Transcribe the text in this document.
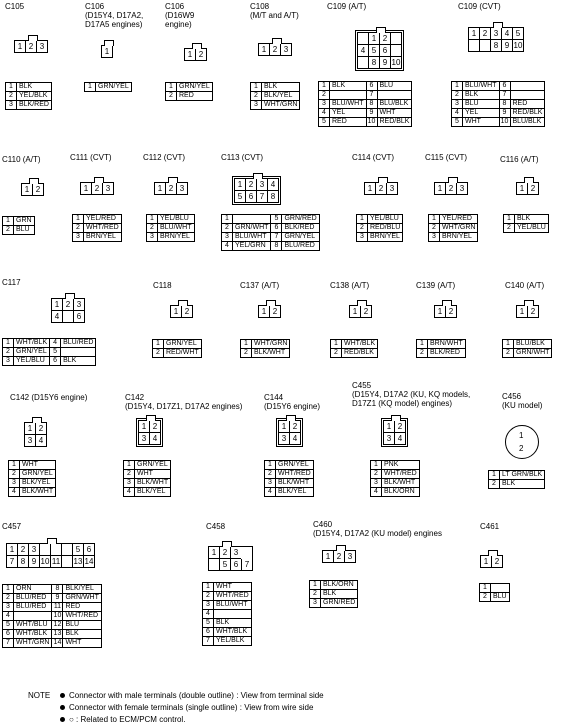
C105
1 2 3
1	BLK
2	YEL/BLK
3	BLK/RED
C106
(D15Y4, D17A2,
D17A5 engines)
1
1	GRN/YEL
C106
(D16W9
engine)
1 2
1	GRN/YEL
2	RED
C108
(M/T and A/T)
1 2 3
1	BLK
2	BLK/YEL
3	WHT/GRN
C109 (A/T)
1 2
4 5 6
8 9 10
1	BLK	6	BLU
2		7	
3	BLU/WHT	8	BLU/BLK
4	YEL	9	WHT
5	RED	10	RED/BLK
C109 (CVT)
1 2 3 4 5
8 9 10
1	BLU/WHT	6	
2	BLK	7	
3	BLU	8	RED
4	YEL	9	RED/BLK
5	WHT	10	BLU/BLK
C110 (A/T)
1 2
1	GRN
2	BLU
C111 (CVT)
1 2 3
1	YEL/RED
2	WHT/RED
3	BRN/YEL
C112 (CVT)
1 2 3
1	YEL/BLU
2	BLU/WHT
3	BRN/YEL
C113 (CVT)
1 2 3 4
5 6 7 8
1		5	GRN/RED
2	GRN/WHT	6	BLK/RED
3	BLU/WHT	7	GRN/YEL
4	YEL/GRN	8	BLU/RED
C114 (CVT)
1 2 3
1	YEL/BLU
2	RED/BLU
3	BRN/YEL
C115 (CVT)
1 2 3
1	YEL/RED
2	WHT/GRN
3	BRN/YEL
C116 (A/T)
1 2
1	BLK
2	YEL/BLU
C117
1 2 3
4	6
1	WHT/BLK	4	BLU/RED
2	GRN/YEL	5	
3	YEL/BLU	6	BLK
C118
1 2
1	GRN/YEL
2	RED/WHT
C137 (A/T)
1 2
1	WHT/GRN
2	BLK/WHT
C138 (A/T)
1 2
1	WHT/BLK
2	RED/BLK
C139 (A/T)
1 2
1	BRN/WHT
2	BLK/RED
C140 (A/T)
1 2
1	BLU/BLK
2	GRN/WHT
C142 (D15Y6 engine)
1 2
3 4
1	WHT
2	GRN/YEL
3	BLK/YEL
4	BLK/WHT
C142
(D15Y4, D17Z1, D17A2 engines)
1 2
3 4
1	GRN/YEL
2	WHT
3	BLK/WHT
4	BLK/YEL
C144
(D15Y6 engine)
1 2
3 4
1	GRN/YEL
2	WHT/RED
3	BLK/WHT
4	BLK/YEL
C455
(D15Y4, D17A2 (KU, KQ models,
D17Z1 (KQ model) engines)
1 2
3 4
1	PNK
2	WHT/RED
3	BLK/WHT
4	BLK/ORN
C456
(KU model)
1
2
1	LT GRN/BLK
2	BLK
C457
1 2 3	5 6
7 8 9 10 11 13 14
1	ORN	8	BLK/YEL
2	BLU/RED	9	GRN/WHT
3	BLU/RED	11	RED
4		10	WHT/RED
5	WHT/BLU	12	BLU
6	WHT/BLK	13	BLK
7	WHT/GRN	14	WHT
C458
1 2 3
5 6 7
1	WHT
2	WHT/RED
3	BLU/WHT
4	
5	BLK
6	WHT/BLK
7	YEL/BLK
C460
(D15Y4, D17A2 (KU model) engines
1 2 3
1	BLK/ORN
2	BLK
3	GRN/RED
C461
1 2
1	
2	BLU
NOTE	Connector with male terminals (double outline) : View from terminal side
Connector with female terminals (single outline) : View from wire side
○ : Related to ECM/PCM control.
